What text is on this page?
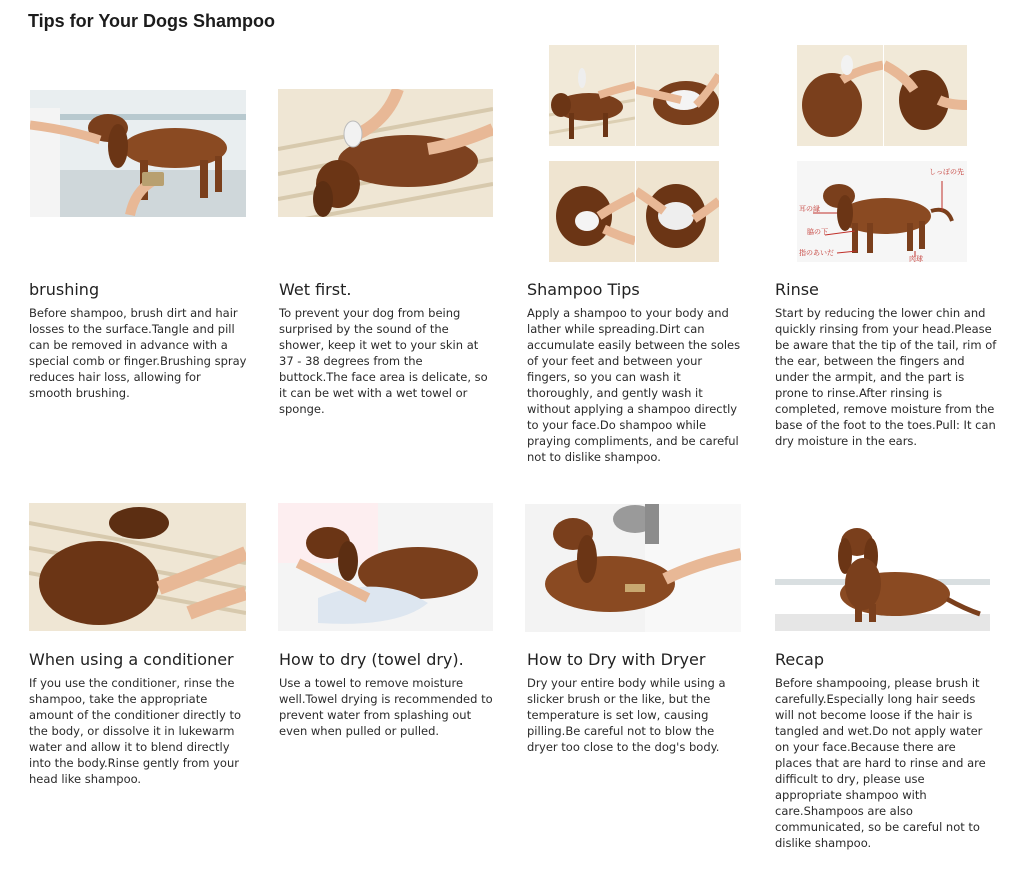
Tips for Your Dogs Shampoo
しっぽの先
耳の縁
脇の下
指のあいだ
肉球
brushing
Before shampoo, brush dirt and hair losses to the surface.Tangle and pill can be removed in advance with a special comb or finger.Brushing spray reduces hair loss, allowing for smooth brushing.
Wet first.
To prevent your dog from being surprised by the sound of the shower, keep it wet to your skin at 37 - 38 degrees from the buttock.The face area is delicate, so it can be wet with a wet towel or sponge.
Shampoo Tips
Apply a shampoo to your body and lather while spreading.Dirt can accumulate easily between the soles of your feet and between your fingers, so you can wash it thoroughly, and gently wash it without applying a shampoo directly to your face.Do shampoo while praying compliments, and be careful not to dislike shampoo.
Rinse
Start by reducing the lower chin and quickly rinsing from your head.Please be aware that the tip of the tail, rim of the ear, between the fingers and under the armpit, and the part is prone to rinse.After rinsing is completed, remove moisture from the base of the foot to the toes.Pull: It can dry moisture in the ears.
When using a conditioner
If you use the conditioner, rinse the shampoo, take the appropriate amount of the conditioner directly to the body, or dissolve it in lukewarm water and allow it to blend directly into the body.Rinse gently from your head like shampoo.
How to dry (towel dry).
Use a towel to remove moisture well.Towel drying is recommended to prevent water from splashing out even when pulled or pulled.
How to Dry with Dryer
Dry your entire body while using a slicker brush or the like, but the temperature is set low, causing pilling.Be careful not to blow the dryer too close to the dog's body.
Recap
Before shampooing, please brush it carefully.Especially long hair seeds will not become loose if the hair is tangled and wet.Do not apply water on your face.Because there are places that are hard to rinse and are difficult to dry, please use appropriate shampoo with care.Shampoos are also communicated, so be careful not to dislike shampoo.
